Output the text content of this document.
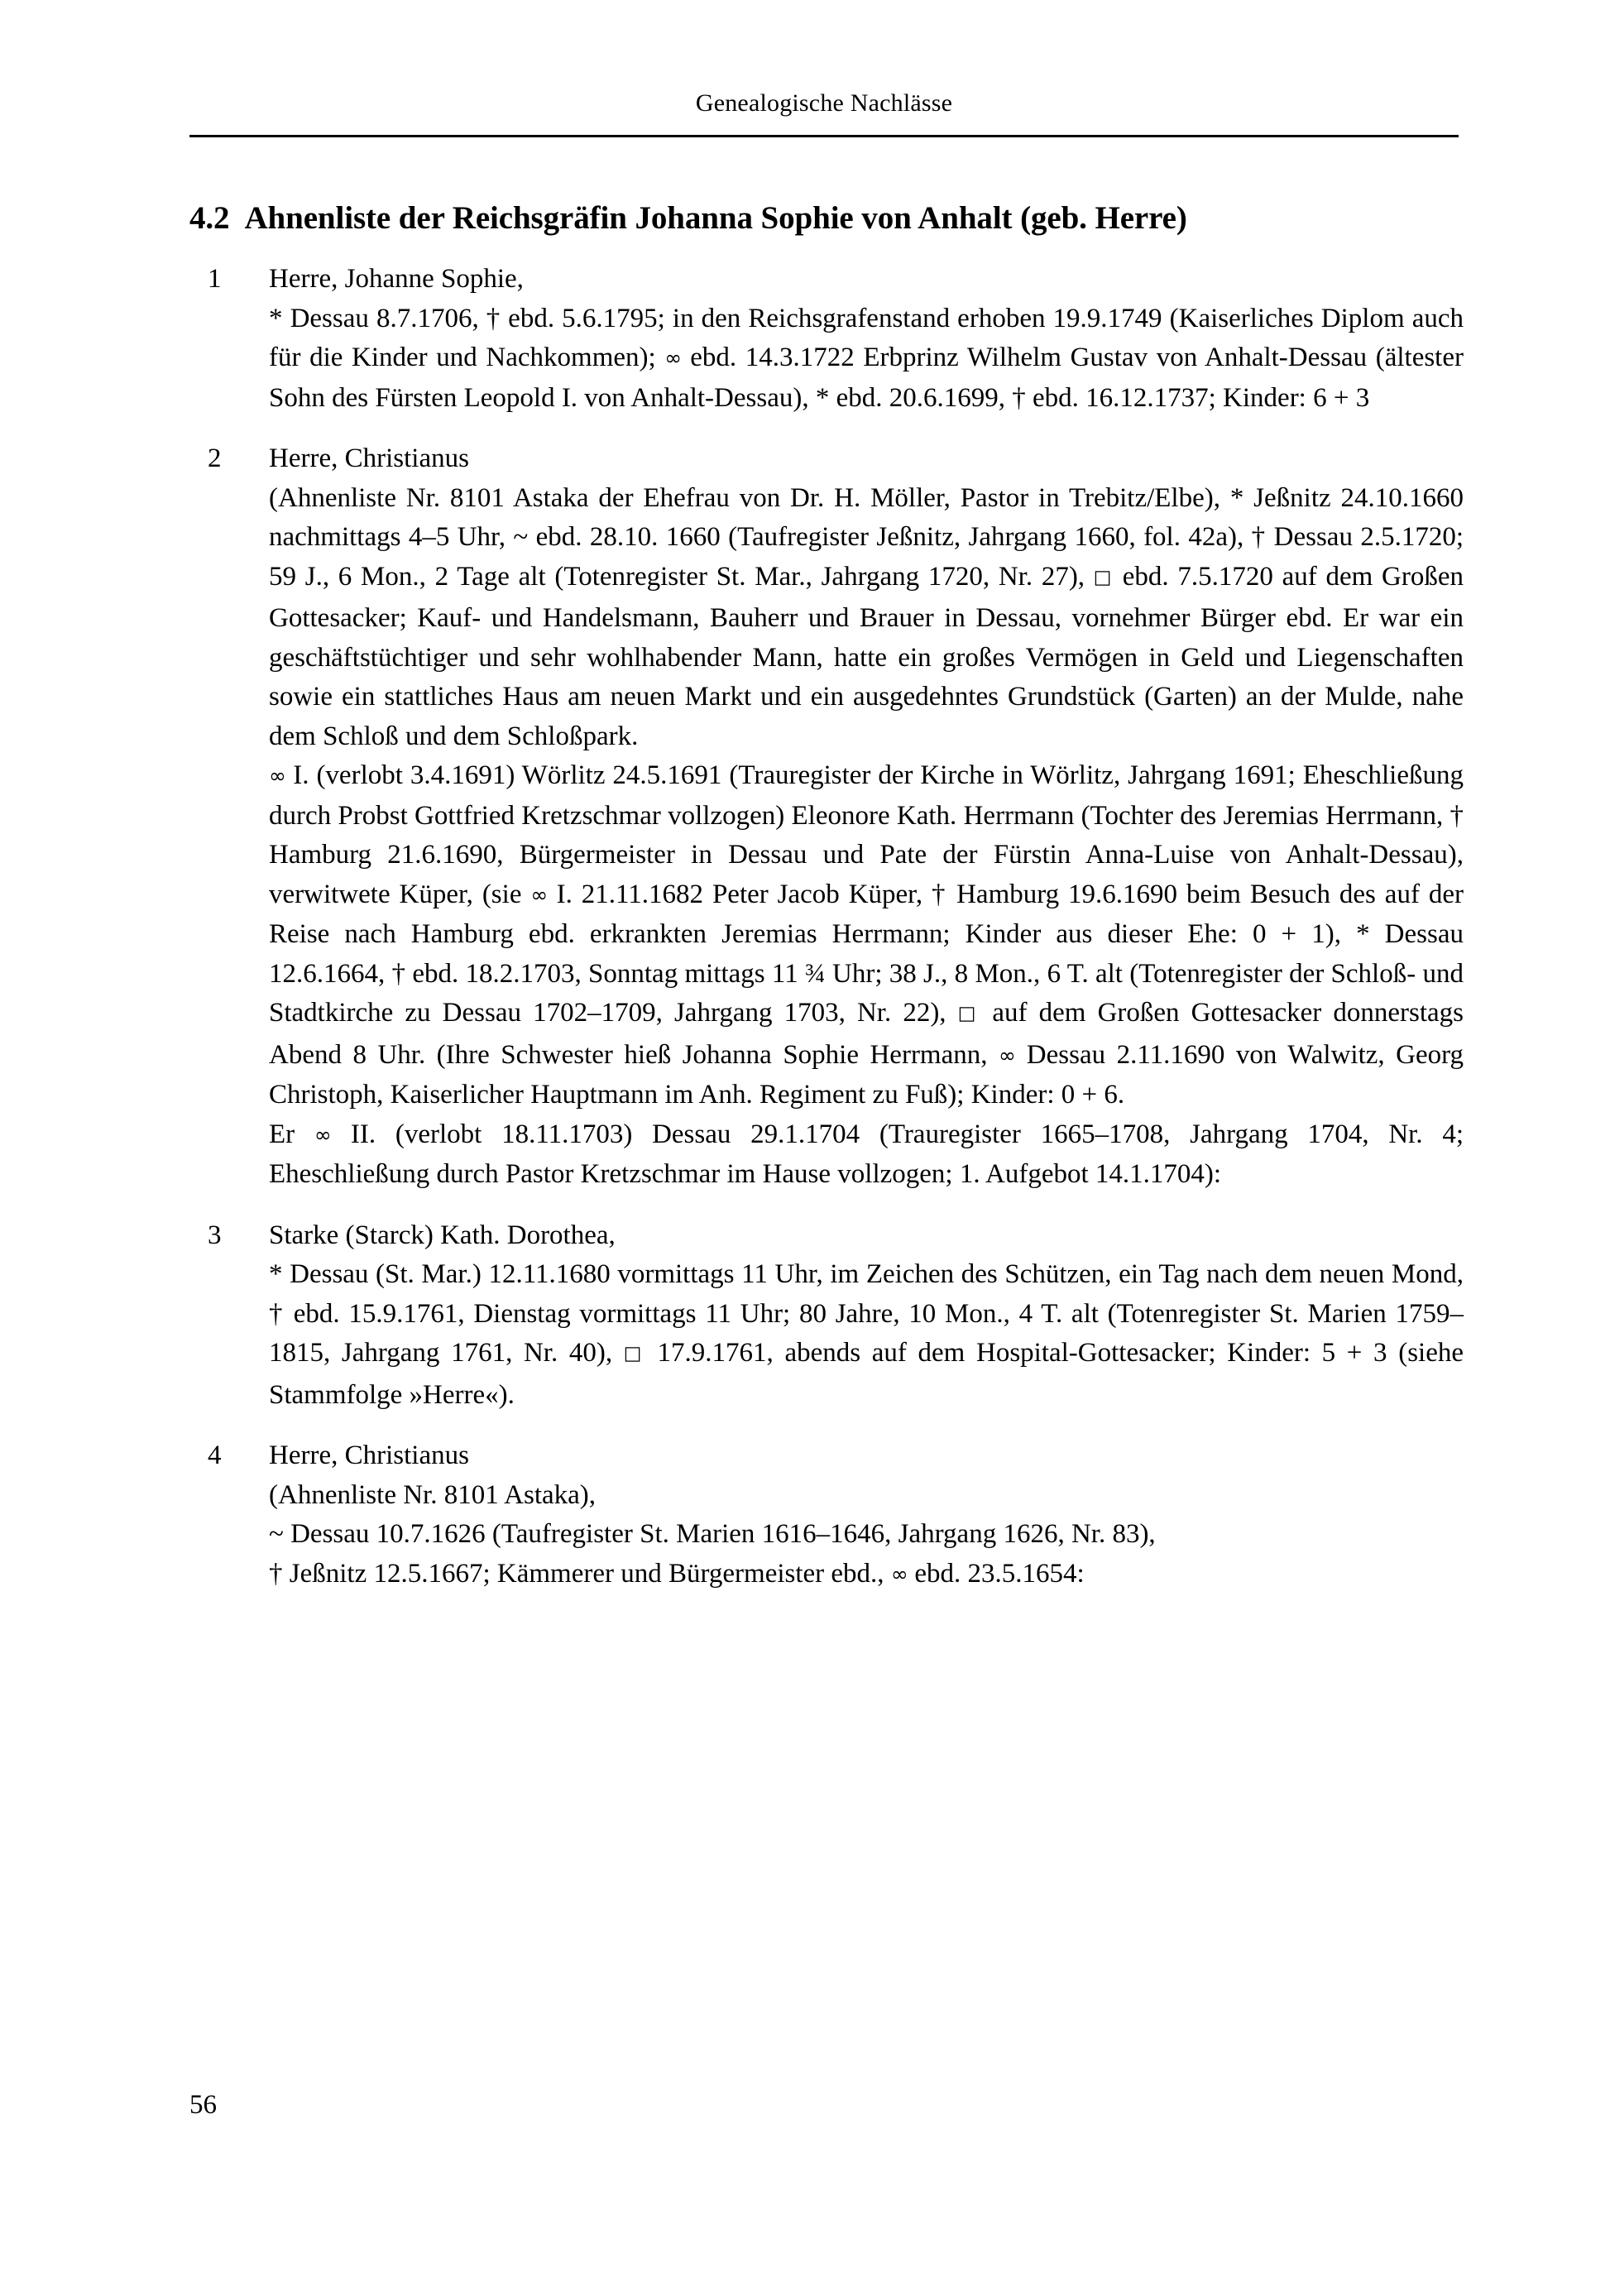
Genealogische Nachlässe
4.2 Ahnenliste der Reichsgräfin Johanna Sophie von Anhalt (geb. Herre)
1	Herre, Johanne Sophie,

* Dessau 8.7.1706, † ebd. 5.6.1795; in den Reichsgrafenstand erhoben 19.9.1749 (Kaiserliches Diplom auch für die Kinder und Nachkommen); ∞ ebd. 14.3.1722 Erbprinz Wilhelm Gustav von Anhalt-Dessau (ältester Sohn des Fürsten Leopold I. von Anhalt-Dessau), * ebd. 20.6.1699, † ebd. 16.12.1737; Kinder: 6 + 3

2	Herre, Christianus

(Ahnenliste Nr. 8101 Astaka der Ehefrau von Dr. H. Möller, Pastor in Trebitz/Elbe), * Jeßnitz 24.10.1660 nachmittags 4–5 Uhr, ~ ebd. 28.10. 1660 (Taufregister Jeßnitz, Jahrgang 1660, fol. 42a), † Dessau 2.5.1720; 59 J., 6 Mon., 2 Tage alt (Totenregister St. Mar., Jahrgang 1720, Nr. 27), □ ebd. 7.5.1720 auf dem Großen Gottesacker; Kauf- und Handelsmann, Bauherr und Brauer in Dessau, vornehmer Bürger ebd. Er war ein geschäftstüchtiger und sehr wohlhabender Mann, hatte ein großes Vermögen in Geld und Liegenschaften sowie ein stattliches Haus am neuen Markt und ein ausgedehntes Grundstück (Garten) an der Mulde, nahe dem Schloß und dem Schloßpark.

∞ I. (verlobt 3.4.1691) Wörlitz 24.5.1691 (Trauregister der Kirche in Wörlitz, Jahrgang 1691; Eheschließung durch Probst Gottfried Kretzschmar vollzogen) Eleonore Kath. Herrmann (Tochter des Jeremias Herrmann, † Hamburg 21.6.1690, Bürgermeister in Dessau und Pate der Fürstin Anna-Luise von Anhalt-Dessau), verwitwete Küper, (sie ∞ I. 21.11.1682 Peter Jacob Küper, † Hamburg 19.6.1690 beim Besuch des auf der Reise nach Hamburg ebd. erkrankten Jeremias Herrmann; Kinder aus dieser Ehe: 0 + 1), * Dessau 12.6.1664, † ebd. 18.2.1703, Sonntag mittags 11 ¾ Uhr; 38 J., 8 Mon., 6 T. alt (Totenregister der Schloß- und Stadtkirche zu Dessau 1702–1709, Jahrgang 1703, Nr. 22), □ auf dem Großen Gottesacker donnerstags Abend 8 Uhr. (Ihre Schwester hieß Johanna Sophie Herrmann, ∞ Dessau 2.11.1690 von Walwitz, Georg Christoph, Kaiserlicher Hauptmann im Anh. Regiment zu Fuß); Kinder: 0 + 6.

Er ∞ II. (verlobt 18.11.1703) Dessau 29.1.1704 (Trauregister 1665–1708, Jahrgang 1704, Nr. 4; Eheschließung durch Pastor Kretzschmar im Hause vollzogen; 1. Aufgebot 14.1.1704):

3	Starke (Starck) Kath. Dorothea,

* Dessau (St. Mar.) 12.11.1680 vormittags 11 Uhr, im Zeichen des Schützen, ein Tag nach dem neuen Mond, † ebd. 15.9.1761, Dienstag vormittags 11 Uhr; 80 Jahre, 10 Mon., 4 T. alt (Totenregister St. Marien 1759–1815, Jahrgang 1761, Nr. 40), □ 17.9.1761, abends auf dem Hospital-Gottesacker; Kinder: 5 + 3 (siehe Stammfolge »Herre«).

4	Herre, Christianus

(Ahnenliste Nr. 8101 Astaka),

~ Dessau 10.7.1626 (Taufregister St. Marien 1616–1646, Jahrgang 1626, Nr. 83),

† Jeßnitz 12.5.1667; Kämmerer und Bürgermeister ebd., ∞ ebd. 23.5.1654:

56
